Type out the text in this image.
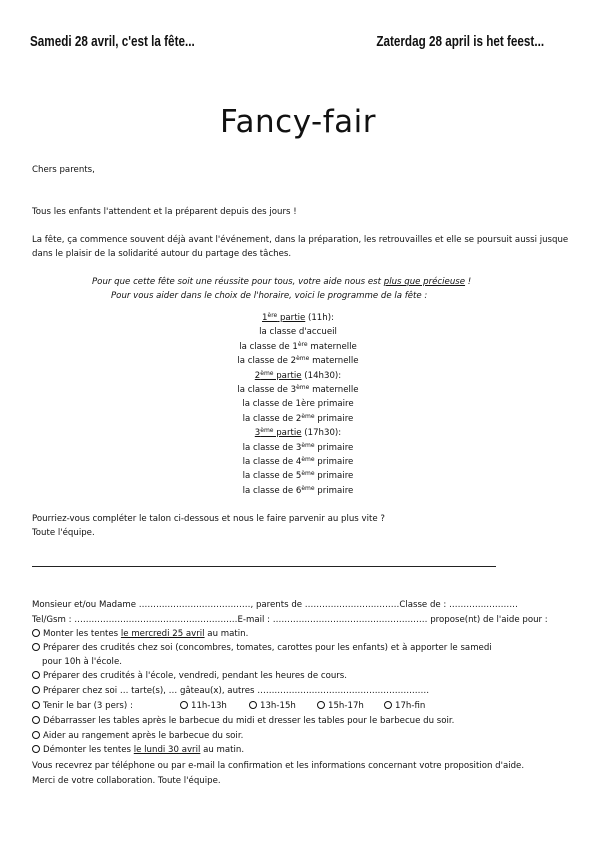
Samedi 28 avril, c'est la fête...	Zaterdag 28 april is het feest...
Fancy-fair
Chers parents,
Tous les enfants l'attendent et la préparent depuis des jours !
La fête, ça commence souvent déjà avant l'événement, dans la préparation, les retrouvailles et elle se poursuit aussi jusque
dans le plaisir de la solidarité autour du partage des tâches.
Pour que cette fête soit une réussite pour tous, votre aide nous est plus que précieuse !
Pour vous aider dans le choix de l'horaire, voici le programme de la fête :
1ère partie (11h):
la classe d'accueil
la classe de 1ère maternelle
la classe de 2ème maternelle
2ème partie (14h30):
la classe de 3ème maternelle
la classe de 1ère primaire
la classe de 2ème primaire
3ème partie (17h30):
la classe de 3ème primaire
la classe de 4ème primaire
la classe de 5ème primaire
la classe de 6ème primaire
Pourriez-vous compléter le talon ci-dessous et nous le faire parvenir au plus vite ?
Toute l'équipe.
Monsieur et/ou Madame …………………………………, parents de ……………………………Classe de : ……………………
Tel/Gsm : …………………………………………………E-mail : ……………………………………………… propose(nt) de l'aide pour :
Monter les tentes le mercredi 25 avril au matin.
Préparer des crudités chez soi (concombres, tomates, carottes pour les enfants) et à apporter le samedi
pour 10h à l'école.
Préparer des crudités à l'école, vendredi, pendant les heures de cours.
Préparer chez soi … tarte(s), … gâteau(x), autres ……………………………………………………
Tenir le bar (3 pers) :	11h-13h	13h-15h	15h-17h	17h-fin
Débarrasser les tables après le barbecue du midi et dresser les tables pour le barbecue du soir.
Aider au rangement après le barbecue du soir.
Démonter les tentes le lundi 30 avril au matin.
Vous recevrez par téléphone ou par e-mail la confirmation et les informations concernant votre proposition d'aide.
Merci de votre collaboration. Toute l'équipe.
